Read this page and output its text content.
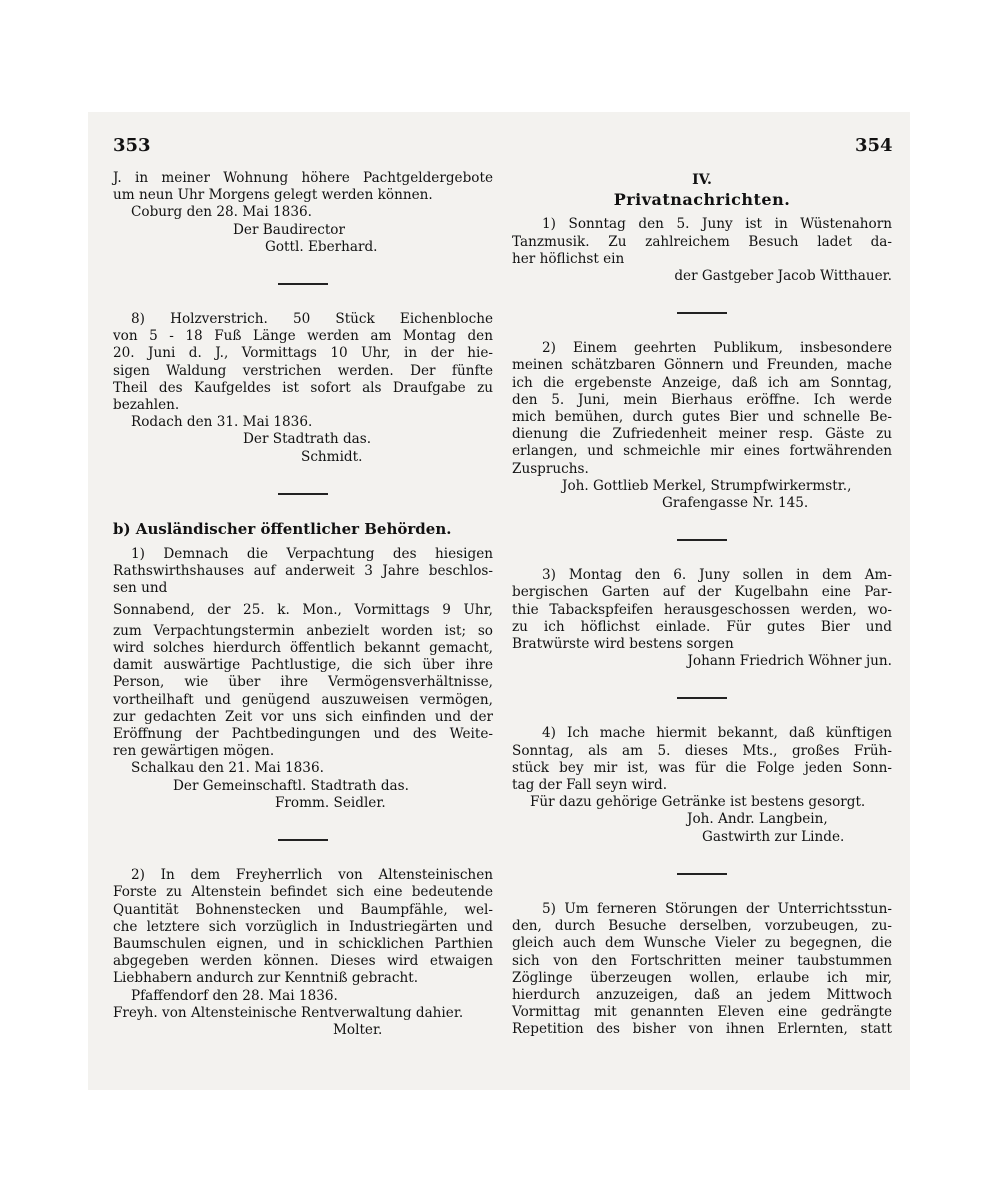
353	354
J. in meiner Wohnung höhere Pachtgeldergebote
um neun Uhr Morgens gelegt werden können.
Coburg den 28. Mai 1836.
Der Baudirector
Gottl. Eberhard.
8) Holzverstrich. 50 Stück Eichenbloche
von 5 - 18 Fuß Länge werden am Montag den
20. Juni d. J., Vormittags 10 Uhr, in der hie-
sigen Waldung verstrichen werden. Der fünfte
Theil des Kaufgeldes ist sofort als Draufgabe zu
bezahlen.
Rodach den 31. Mai 1836.
Der Stadtrath das.
Schmidt.
b) Ausländischer öffentlicher Behörden.
1) Demnach die Verpachtung des hiesigen
Rathswirthshauses auf anderweit 3 Jahre beschlos-
sen und
Sonnabend, der 25. k. Mon., Vormittags 9 Uhr,
zum Verpachtungstermin anbezielt worden ist; so
wird solches hierdurch öffentlich bekannt gemacht,
damit auswärtige Pachtlustige, die sich über ihre
Person, wie über ihre Vermögensverhältnisse,
vortheilhaft und genügend auszuweisen vermögen,
zur gedachten Zeit vor uns sich einfinden und der
Eröffnung der Pachtbedingungen und des Weite-
ren gewärtigen mögen.
Schalkau den 21. Mai 1836.
Der Gemeinschaftl. Stadtrath das.
Fromm. Seidler.
2) In dem Freyherrlich von Altensteinischen
Forste zu Altenstein befindet sich eine bedeutende
Quantität Bohnenstecken und Baumpfähle, wel-
che letztere sich vorzüglich in Industriegärten und
Baumschulen eignen, und in schicklichen Parthien
abgegeben werden können. Dieses wird etwaigen
Liebhabern andurch zur Kenntniß gebracht.
Pfaffendorf den 28. Mai 1836.
Freyh. von Altensteinische Rentverwaltung dahier.
Molter.
IV.
Privatnachrichten.
1) Sonntag den 5. Juny ist in Wüstenahorn
Tanzmusik. Zu zahlreichem Besuch ladet da-
her höflichst ein
der Gastgeber Jacob Witthauer.
2) Einem geehrten Publikum, insbesondere
meinen schätzbaren Gönnern und Freunden, mache
ich die ergebenste Anzeige, daß ich am Sonntag,
den 5. Juni, mein Bierhaus eröffne. Ich werde
mich bemühen, durch gutes Bier und schnelle Be-
dienung die Zufriedenheit meiner resp. Gäste zu
erlangen, und schmeichle mir eines fortwährenden
Zuspruchs.
Joh. Gottlieb Merkel, Strumpfwirkermstr.,
Grafengasse Nr. 145.
3) Montag den 6. Juny sollen in dem Am-
bergischen Garten auf der Kugelbahn eine Par-
thie Tabackspfeifen herausgeschossen werden, wo-
zu ich höflichst einlade. Für gutes Bier und
Bratwürste wird bestens sorgen
Johann Friedrich Wöhner jun.
4) Ich mache hiermit bekannt, daß künftigen
Sonntag, als am 5. dieses Mts., großes Früh-
stück bey mir ist, was für die Folge jeden Sonn-
tag der Fall seyn wird.
Für dazu gehörige Getränke ist bestens gesorgt.
Joh. Andr. Langbein,
Gastwirth zur Linde.
5) Um ferneren Störungen der Unterrichtsstun-
den, durch Besuche derselben, vorzubeugen, zu-
gleich auch dem Wunsche Vieler zu begegnen, die
sich von den Fortschritten meiner taubstummen
Zöglinge überzeugen wollen, erlaube ich mir,
hierdurch anzuzeigen, daß an jedem Mittwoch
Vormittag mit genannten Eleven eine gedrängte
Repetition des bisher von ihnen Erlernten, statt
